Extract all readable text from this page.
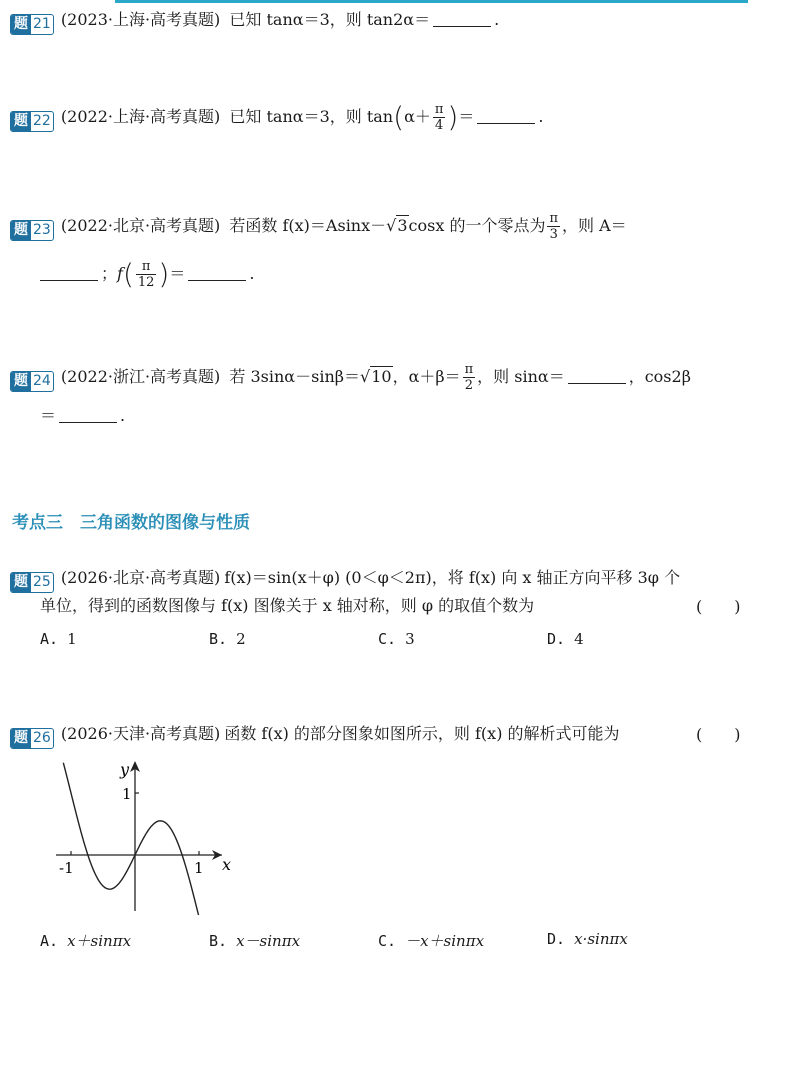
题 21 (2023·上海·高考真题) 已知 tanα＝3，则 tan2α＝	.
题 22 (2022·上海·高考真题) 已知 tanα＝3，则 $\tan(\alpha+ \frac{\pi}{4}$ )＝	.
题 23 (2022·北京·高考真题) 若函数 f(x)＝Asinx－√3cosx 的一个零点为 $\frac{\pi}{3}$ ，则 A＝
；$f( \frac{\pi}{12}$ )＝	.
题 24 (2022·浙江·高考真题) 若 3sinα－sinβ＝√10，$\alpha+\beta= \frac{\pi}{2}$ ，则 sinα＝	，cos2β
＝	.
考点三　三角函数的图像与性质
题 25 (2026·北京·高考真题) f(x)＝sin(x＋φ) (0＜φ＜2π)，将 f(x) 向 x 轴正方向平移 3φ 个
单位，得到的函数图像与 f(x) 图像关于 x 轴对称，则 φ 的取值个数为	(　　)
A. 1	B. 2	C. 3	D. 4
题 26 (2026·天津·高考真题) 函数 f(x) 的部分图象如图所示，则 f(x) 的解析式可能为	(　　)
y
x
1
-1	1
A. x＋sinπx	B. x－sinπx	C. －x＋sinπx	D. x·sinπx
